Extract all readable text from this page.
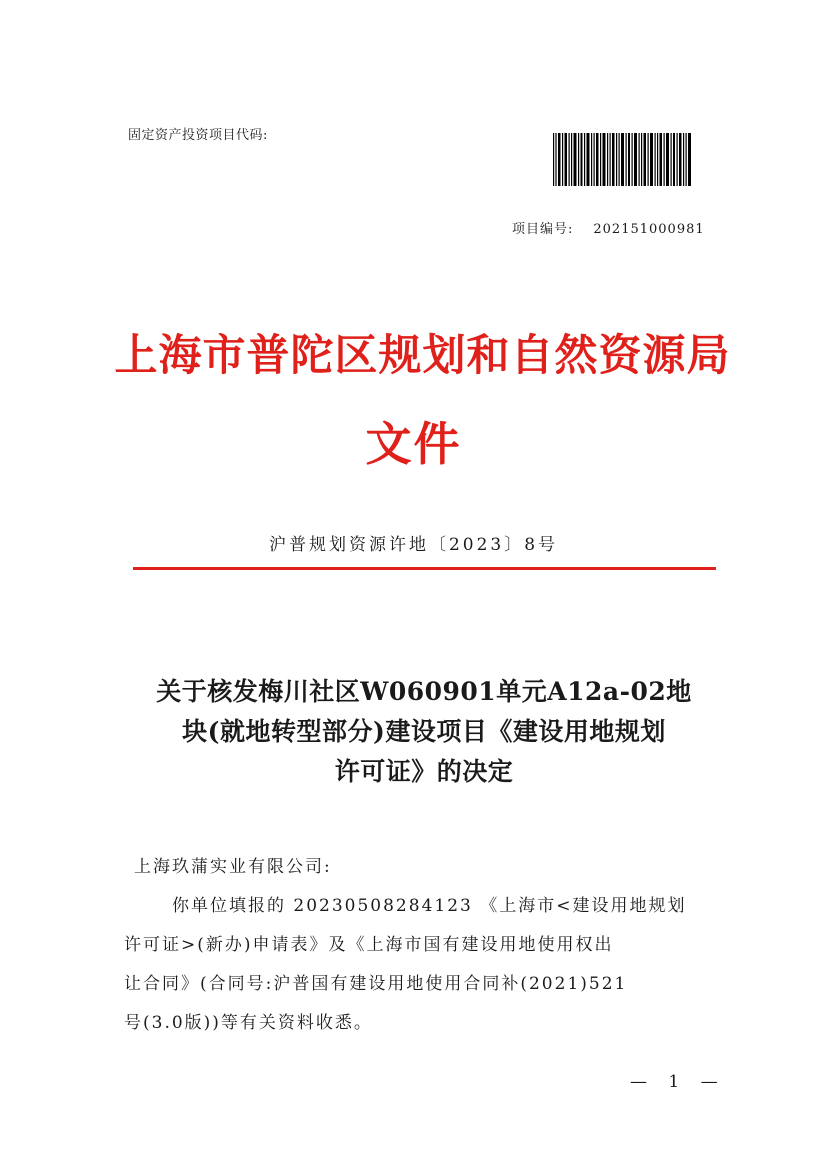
固定资产投资项目代码:
项目编号: 202151000981
上海市普陀区规划和自然资源局
文件
沪普规划资源许地〔2023〕8号
关于核发梅川社区W060901单元A12a-02地
块(就地转型部分)建设项目《建设用地规划
许可证》的决定

上海玖蒲实业有限公司:

你单位填报的 20230508284123 《上海市<建设用地规划

许可证>(新办)申请表》及《上海市国有建设用地使用权出

让合同》(合同号:沪普国有建设用地使用合同补(2021)521

号(3.0版))等有关资料收悉。

— 1 —
